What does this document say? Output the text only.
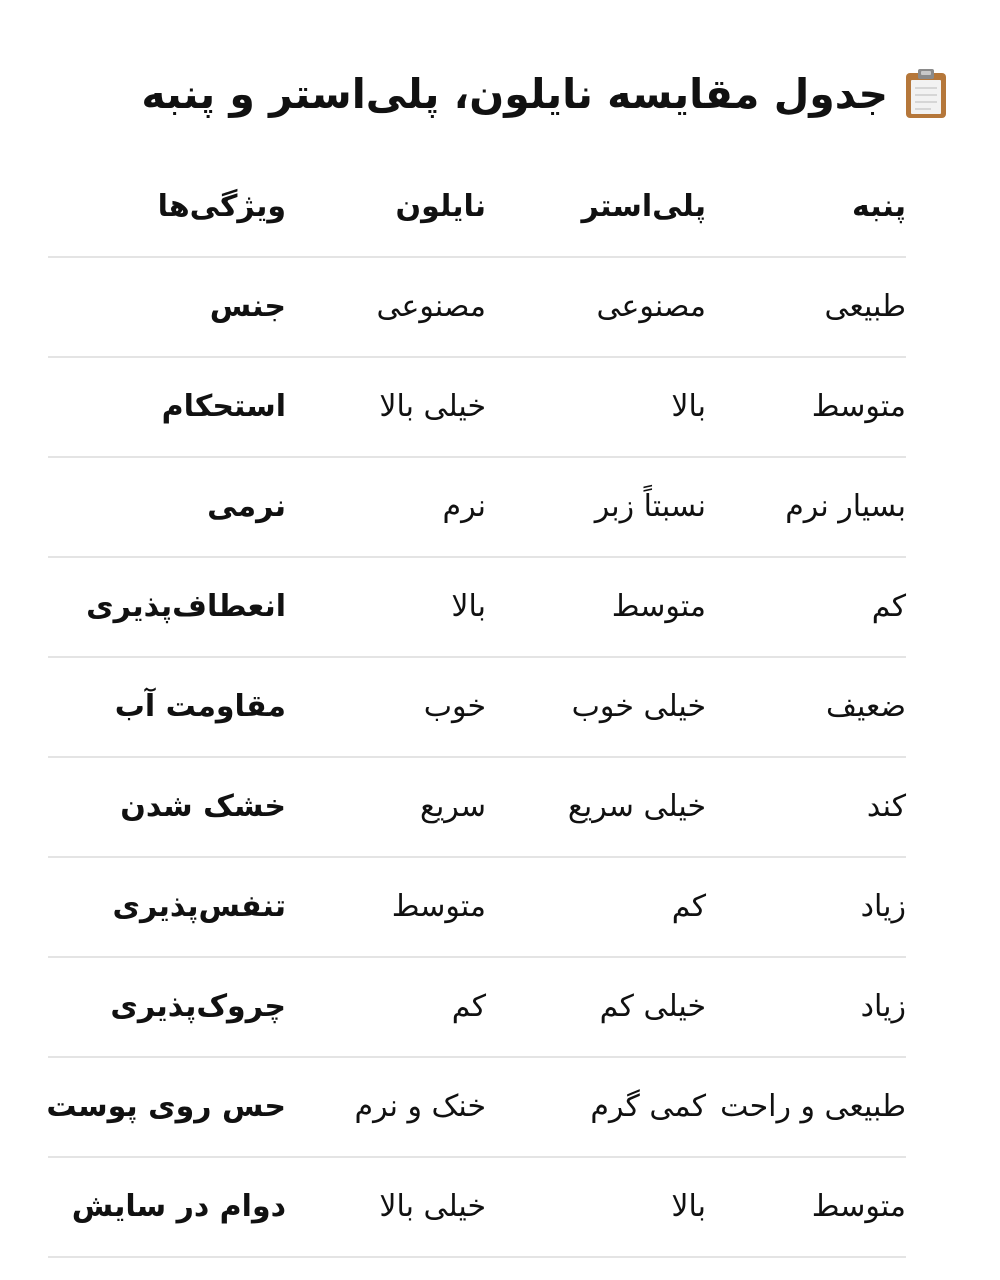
جدول مقایسه نایلون، پلی‌استر و پنبه
پنبه
پلی‌استر
نایلون
ویژگی‌ها
طبیعی
مصنوعی
مصنوعی
جنس
متوسط
بالا
خیلی بالا
استحکام
بسیار نرم
نسبتاً زبر
نرم
نرمی
کم
متوسط
بالا
انعطاف‌پذیری
ضعیف
خیلی خوب
خوب
مقاومت آب
کند
خیلی سریع
سریع
خشک شدن
زیاد
کم
متوسط
تنفس‌پذیری
زیاد
خیلی کم
کم
چروک‌پذیری
طبیعی و راحت
کمی گرم
خنک و نرم
حس روی پوست
متوسط
بالا
خیلی بالا
دوام در سایش
